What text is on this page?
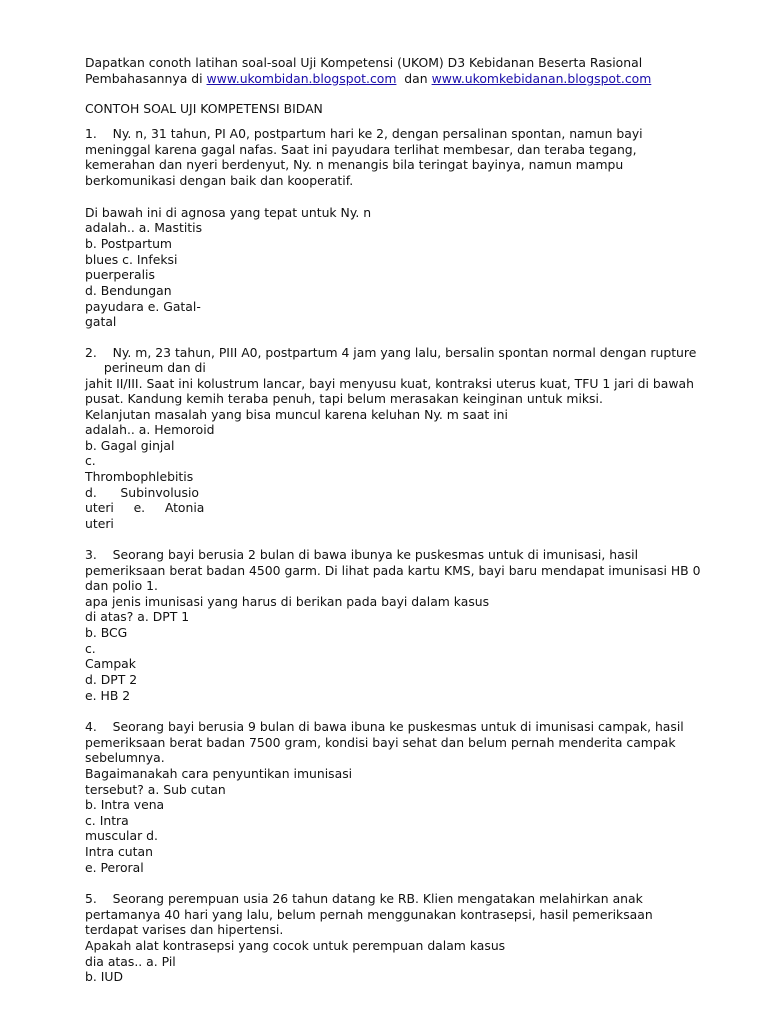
Dapatkan conoth latihan soal-soal Uji Kompetensi (UKOM) D3 Kebidanan Beserta Rasional
Pembahasannya di www.ukombidan.blogspot.com  dan www.ukomkebidanan.blogspot.com
CONTOH SOAL UJI KOMPETENSI BIDAN
1.    Ny. n, 31 tahun, PI A0, postpartum hari ke 2, dengan persalinan spontan, namun bayi
meninggal karena gagal nafas. Saat ini payudara terlihat membesar, dan teraba tegang,
kemerahan dan nyeri berdenyut, Ny. n menangis bila teringat bayinya, namun mampu
berkomunikasi dengan baik dan kooperatif.
Di bawah ini di agnosa yang tepat untuk Ny. n
adalah.. a. Mastitis
b. Postpartum
blues c. Infeksi
puerperalis
d. Bendungan
payudara e. Gatal-
gatal
2.    Ny. m, 23 tahun, PIII A0, postpartum 4 jam yang lalu, bersalin spontan normal dengan rupture
perineum dan di
jahit II/III. Saat ini kolustrum lancar, bayi menyusu kuat, kontraksi uterus kuat, TFU 1 jari di bawah
pusat. Kandung kemih teraba penuh, tapi belum merasakan keinginan untuk miksi.
Kelanjutan masalah yang bisa muncul karena keluhan Ny. m saat ini
adalah.. a. Hemoroid
b. Gagal ginjal
c.
Thrombophlebitis
d.      Subinvolusio
uteri     e.     Atonia
uteri
3.    Seorang bayi berusia 2 bulan di bawa ibunya ke puskesmas untuk di imunisasi, hasil
pemeriksaan berat badan 4500 garm. Di lihat pada kartu KMS, bayi baru mendapat imunisasi HB 0
dan polio 1.
apa jenis imunisasi yang harus di berikan pada bayi dalam kasus
di atas? a. DPT 1
b. BCG
c.
Campak
d. DPT 2
e. HB 2
4.    Seorang bayi berusia 9 bulan di bawa ibuna ke puskesmas untuk di imunisasi campak, hasil
pemeriksaan berat badan 7500 gram, kondisi bayi sehat dan belum pernah menderita campak
sebelumnya.
Bagaimanakah cara penyuntikan imunisasi
tersebut? a. Sub cutan
b. Intra vena
c. Intra
muscular d.
Intra cutan
e. Peroral
5.    Seorang perempuan usia 26 tahun datang ke RB. Klien mengatakan melahirkan anak
pertamanya 40 hari yang lalu, belum pernah menggunakan kontrasepsi, hasil pemeriksaan
terdapat varises dan hipertensi.
Apakah alat kontrasepsi yang cocok untuk perempuan dalam kasus
dia atas.. a. Pil
b. IUD
